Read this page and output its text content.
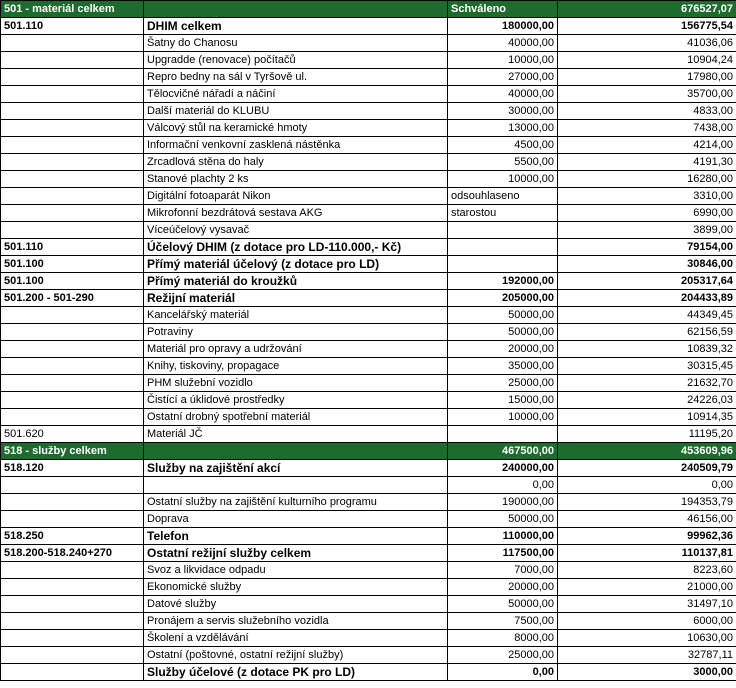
501 - materiál celkem		Schváleno	676527,07
501.110	DHIM celkem	180000,00	156775,54
	Šatny do Chanosu	40000,00	41036,06
	Upgradde (renovace) počítačů	10000,00	10904,24
	Repro bedny na sál v Tyršově ul.	27000,00	17980,00
	Tělocvičné nářadí a náčiní	40000,00	35700,00
	Další materiál do KLUBU	30000,00	4833,00
	Válcový stůl na keramické hmoty	13000,00	7438,00
	Informační venkovní zasklená nástěnka	4500,00	4214,00
	Zrcadlová stěna do haly	5500,00	4191,30
	Stanové plachty 2 ks	10000,00	16280,00
	Digitální fotoaparát Nikon	odsouhlaseno	3310,00
	Mikrofonní bezdrátová sestava AKG	starostou	6990,00
	Víceúčelový vysavač		3899,00
501.110	Účelový DHIM (z dotace pro LD-110.000,- Kč)		79154,00
501.100	Přímý materiál účelový (z dotace pro LD)		30846,00
501.100	Přímý materiál do kroužků	192000,00	205317,64
501.200 - 501-290	Režijní materiál	205000,00	204433,89
	Kancelářský materiál	50000,00	44349,45
	Potraviny	50000,00	62156,59
	Materiál pro opravy a udržování	20000,00	10839,32
	Knihy, tiskoviny, propagace	35000,00	30315,45
	PHM služební vozidlo	25000,00	21632,70
	Čistící a úklidové prostředky	15000,00	24226,03
	Ostatní drobný spotřební materiál	10000,00	10914,35
501.620	Materiál JČ		11195,20
518 - služby celkem		467500,00	453609,96
518.120	Služby na zajištění akcí	240000,00	240509,79
		0,00	0,00
	Ostatní služby na zajištění kulturního programu	190000,00	194353,79
	Doprava	50000,00	46156,00
518.250	Telefon	110000,00	99962,36
518.200-518.240+270	Ostatní režijní služby celkem	117500,00	110137,81
	Svoz a likvidace odpadu	7000,00	8223,60
	Ekonomické služby	20000,00	21000,00
	Datové služby	50000,00	31497,10
	Pronájem a servis služebního vozidla	7500,00	6000,00
	Školení a vzdělávání	8000,00	10630,00
	Ostatní (poštovné, ostatní režijní služby)	25000,00	32787,11
	Služby účelové (z dotace PK pro LD)	0,00	3000,00
